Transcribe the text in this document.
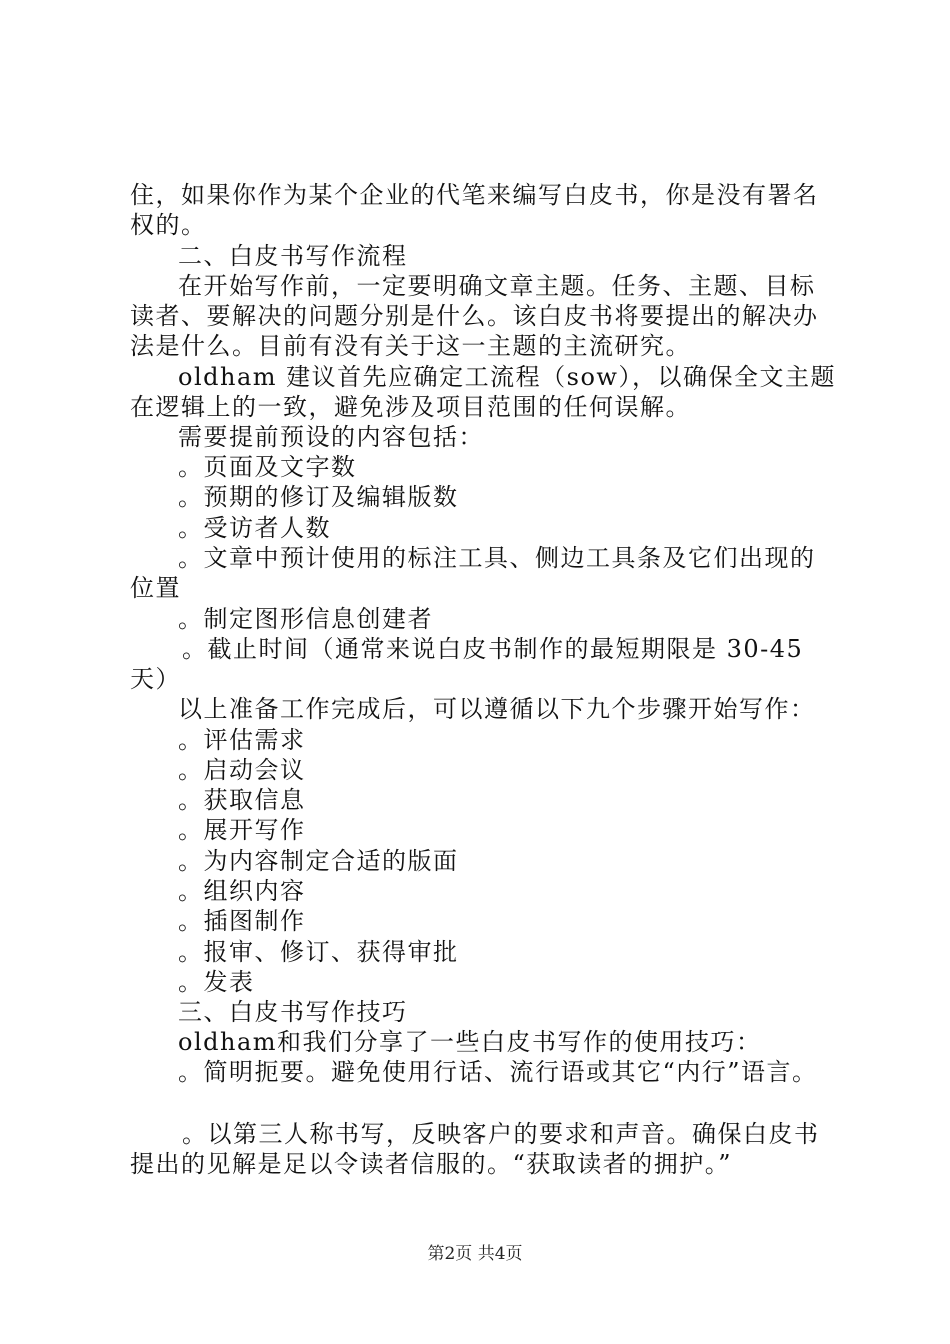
住，如果你作为某个企业的代笔来编写白皮书，你是没有署名
权的。
二、白皮书写作流程
在开始写作前，一定要明确文章主题。任务、主题、目标
读者、要解决的问题分别是什么。该白皮书将要提出的解决办
法是什么。目前有没有关于这一主题的主流研究。
oldham 建议首先应确定工流程（sow），以确保全文主题
在逻辑上的一致，避免涉及项目范围的任何误解。
需要提前预设的内容包括：
。页面及文字数
。预期的修订及编辑版数
。受访者人数
。文章中预计使用的标注工具、侧边工具条及它们出现的
位置
。制定图形信息创建者
。截止时间（通常来说白皮书制作的最短期限是 30-45
天）
以上准备工作完成后，可以遵循以下九个步骤开始写作：
。评估需求
。启动会议
。获取信息
。展开写作
。为内容制定合适的版面
。组织内容
。插图制作
。报审、修订、获得审批
。发表
三、白皮书写作技巧
oldham和我们分享了一些白皮书写作的使用技巧：
。简明扼要。避免使用行话、流行语或其它“内行”语言。
。以第三人称书写，反映客户的要求和声音。确保白皮书
提出的见解是足以令读者信服的。“获取读者的拥护。”
第2页 共4页
